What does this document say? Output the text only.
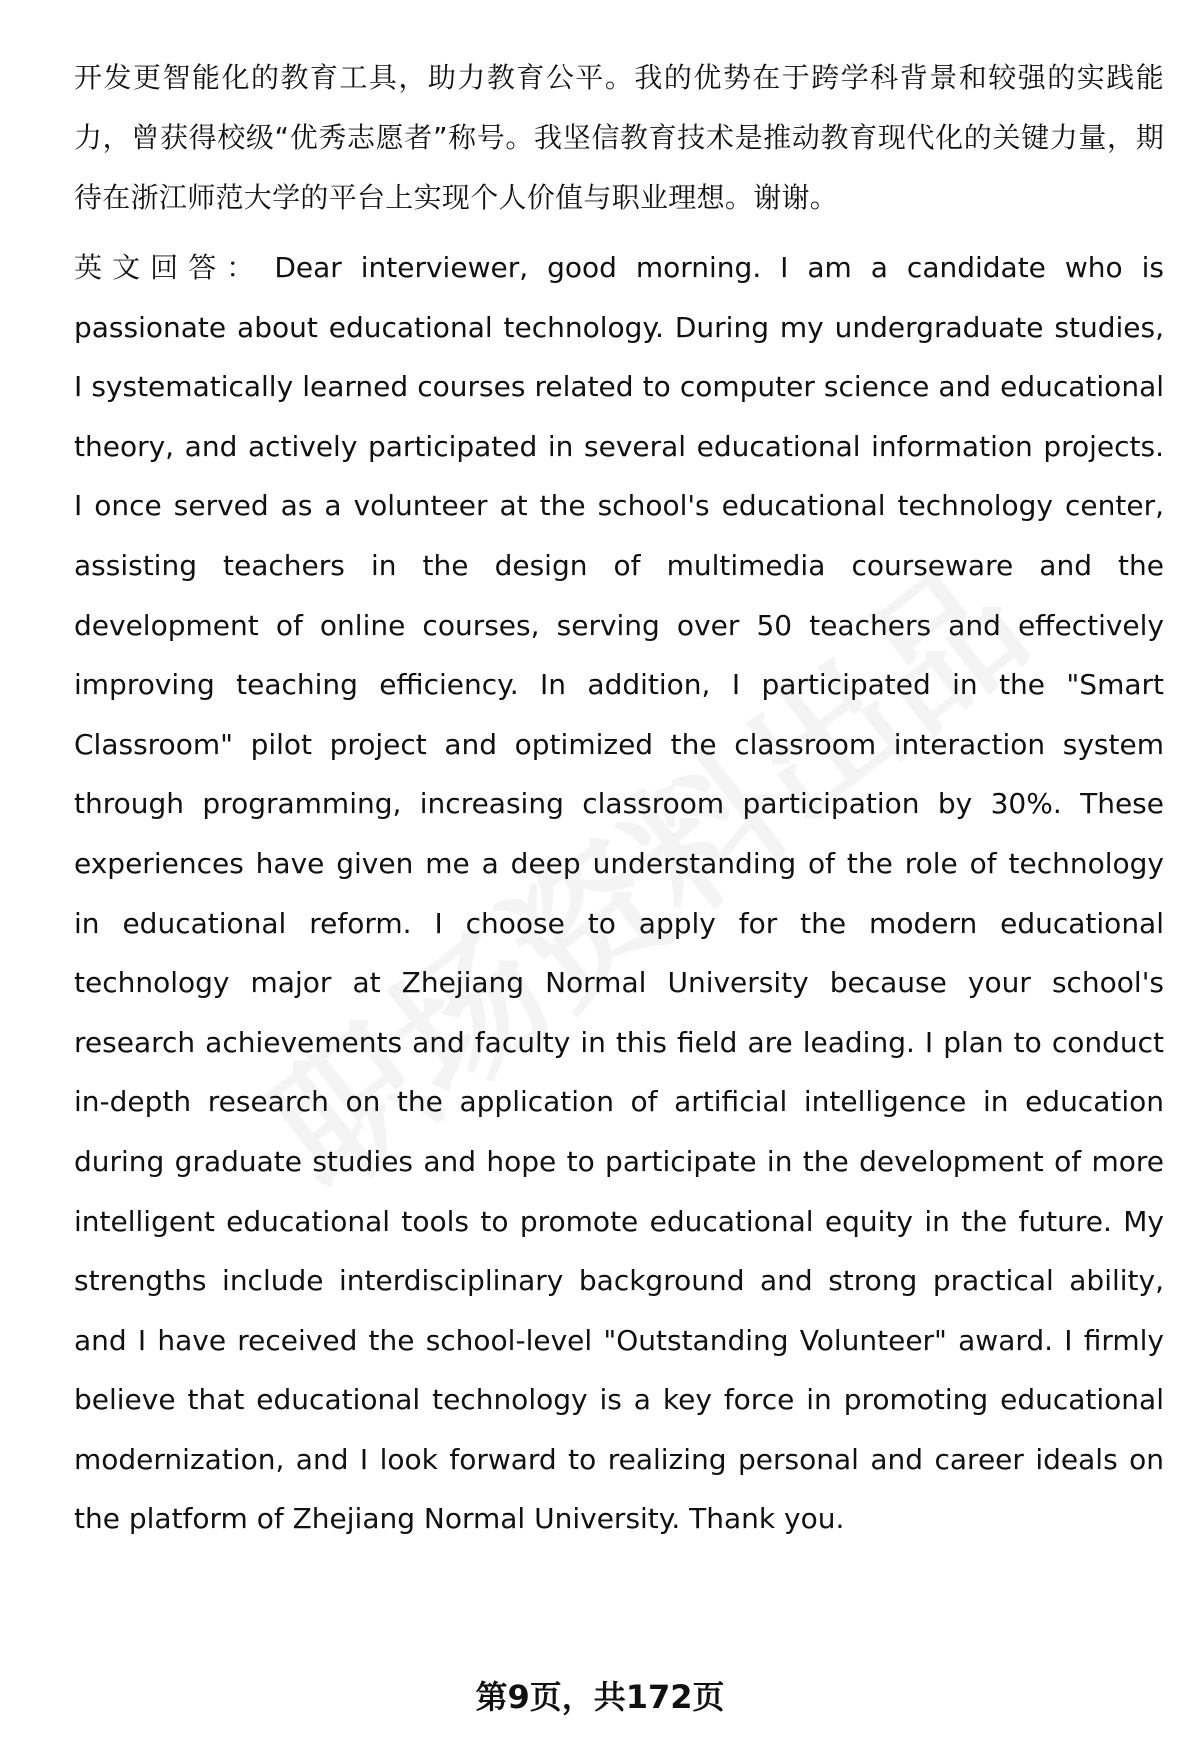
开发更智能化的教育工具，助力教育公平。我的优势在于跨学科背景和较强的实践能力，曾获得校级“优秀志愿者”称号。我坚信教育技术是推动教育现代化的关键力量，期待在浙江师范大学的平台上实现个人价值与职业理想。谢谢。

英文回答： Dear interviewer, good morning. I am a candidate who is passionate about educational technology. During my undergraduate studies, I systematically learned courses related to computer science and educational theory, and actively participated in several educational information projects. I once served as a volunteer at the school's educational technology center, assisting teachers in the design of multimedia courseware and the development of online courses, serving over 50 teachers and effectively improving teaching efficiency. In addition, I participated in the "Smart Classroom" pilot project and optimized the classroom interaction system through programming, increasing classroom participation by 30%. These experiences have given me a deep understanding of the role of technology in educational reform. I choose to apply for the modern educational technology major at Zhejiang Normal University because your school's research achievements and faculty in this field are leading. I plan to conduct in-depth research on the application of artificial intelligence in education during graduate studies and hope to participate in the development of more intelligent educational tools to promote educational equity in the future. My strengths include interdisciplinary background and strong practical ability, and I have received the school-level "Outstanding Volunteer" award. I firmly believe that educational technology is a key force in promoting educational modernization, and I look forward to realizing personal and career ideals on the platform of Zhejiang Normal University. Thank you.

第9页，共172页
